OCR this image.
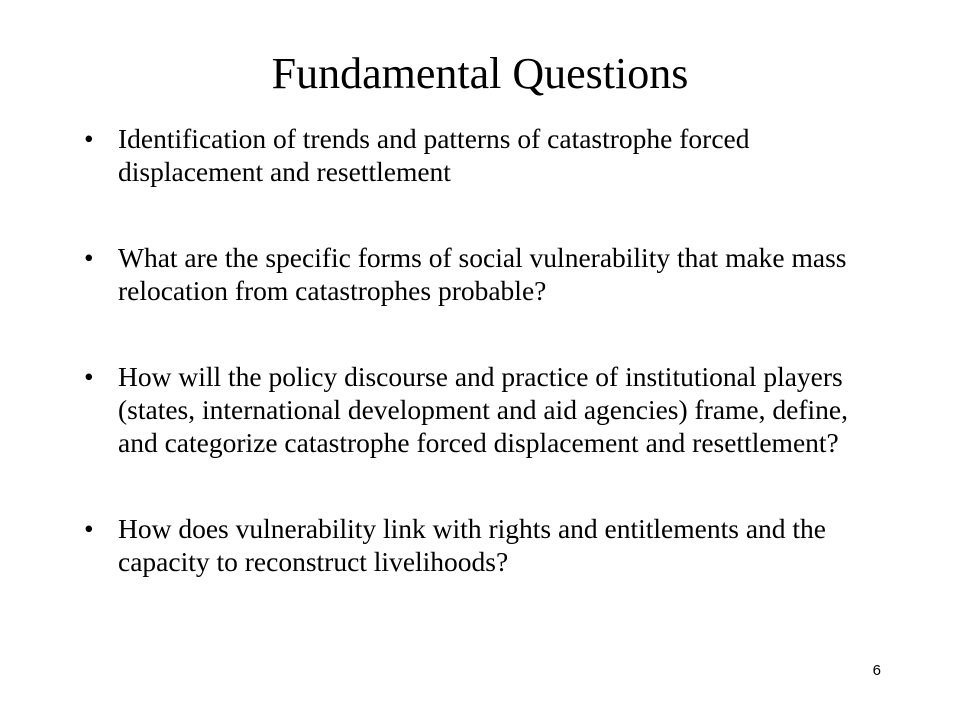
Fundamental Questions
• Identification of trends and patterns of catastrophe forced displacement and resettlement
• What are the specific forms of social vulnerability that make mass relocation from catastrophes probable?
• How will the policy discourse and practice of institutional players (states, international development and aid agencies) frame, define, and categorize catastrophe forced displacement and resettlement?
• How does vulnerability link with rights and entitlements and the capacity to reconstruct livelihoods?
6
